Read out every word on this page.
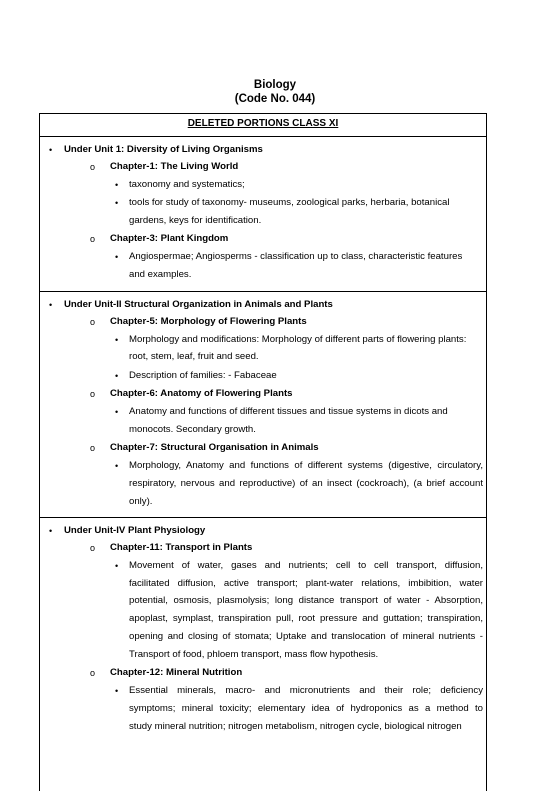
Biology
(Code No. 044)
DELETED PORTIONS CLASS XI
• Under Unit 1: Diversity of Living Organisms
o Chapter-1: The Living World
• taxonomy and systematics;
• tools for study of taxonomy- museums, zoological parks, herbaria, botanical
gardens, keys for identification.
o Chapter-3: Plant Kingdom
• Angiospermae; Angiosperms - classification up to class, characteristic features
and examples.
• Under Unit-II Structural Organization in Animals and Plants
o Chapter-5: Morphology of Flowering Plants
• Morphology and modifications: Morphology of different parts of flowering plants:
root, stem, leaf, fruit and seed.
• Description of families: - Fabaceae
o Chapter-6: Anatomy of Flowering Plants
• Anatomy and functions of different tissues and tissue systems in dicots and
monocots. Secondary growth.
o Chapter-7: Structural Organisation in Animals
• Morphology, Anatomy and functions of different systems (digestive, circulatory,
respiratory, nervous and reproductive) of an insect (cockroach), (a brief account
only).
• Under Unit-IV Plant Physiology
o Chapter-11: Transport in Plants
• Movement of water, gases and nutrients; cell to cell transport, diffusion,
facilitated diffusion, active transport; plant-water relations, imbibition, water
potential, osmosis, plasmolysis; long distance transport of water - Absorption,
apoplast, symplast, transpiration pull, root pressure and guttation; transpiration,
opening and closing of stomata; Uptake and translocation of mineral nutrients -
Transport of food, phloem transport, mass flow hypothesis.
o Chapter-12: Mineral Nutrition
• Essential minerals, macro- and micronutrients and their role; deficiency
symptoms; mineral toxicity; elementary idea of hydroponics as a method to
study mineral nutrition; nitrogen metabolism, nitrogen cycle, biological nitrogen
